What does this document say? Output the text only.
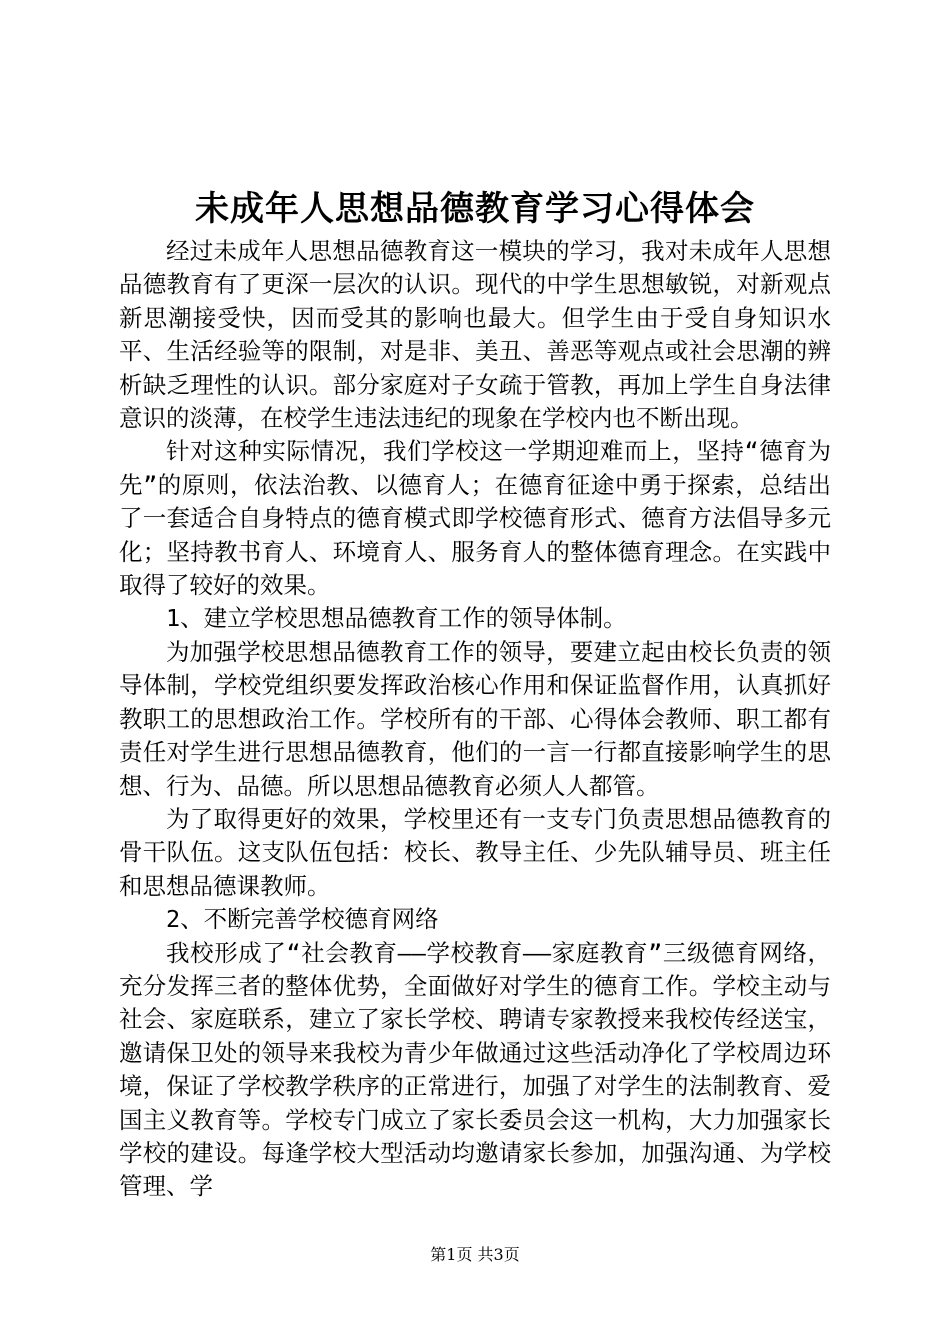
未成年人思想品德教育学习心得体会

经过未成年人思想品德教育这一模块的学习，我对未成年人思想品德教育有了更深一层次的认识。现代的中学生思想敏锐，对新观点新思潮接受快，因而受其的影响也最大。但学生由于受自身知识水平、生活经验等的限制，对是非、美丑、善恶等观点或社会思潮的辨析缺乏理性的认识。部分家庭对子女疏于管教，再加上学生自身法律意识的淡薄，在校学生违法违纪的现象在学校内也不断出现。

针对这种实际情况，我们学校这一学期迎难而上，坚持“德育为先”的原则，依法治教、以德育人；在德育征途中勇于探索，总结出了一套适合自身特点的德育模式即学校德育形式、德育方法倡导多元化；坚持教书育人、环境育人、服务育人的整体德育理念。在实践中取得了较好的效果。

1、建立学校思想品德教育工作的领导体制。

为加强学校思想品德教育工作的领导，要建立起由校长负责的领导体制，学校党组织要发挥政治核心作用和保证监督作用，认真抓好教职工的思想政治工作。学校所有的干部、心得体会教师、职工都有责任对学生进行思想品德教育，他们的一言一行都直接影响学生的思想、行为、品德。所以思想品德教育必须人人都管。

为了取得更好的效果，学校里还有一支专门负责思想品德教育的骨干队伍。这支队伍包括：校长、教导主任、少先队辅导员、班主任和思想品德课教师。

2、不断完善学校德育网络

我校形成了“社会教育——学校教育——家庭教育”三级德育网络，充分发挥三者的整体优势，全面做好对学生的德育工作。学校主动与社会、家庭联系，建立了家长学校、聘请专家教授来我校传经送宝，邀请保卫处的领导来我校为青少年做通过这些活动净化了学校周边环境，保证了学校教学秩序的正常进行，加强了对学生的法制教育、爱国主义教育等。学校专门成立了家长委员会这一机构，大力加强家长学校的建设。每逢学校大型活动均邀请家长参加，加强沟通、为学校管理、学

第1页 共3页
